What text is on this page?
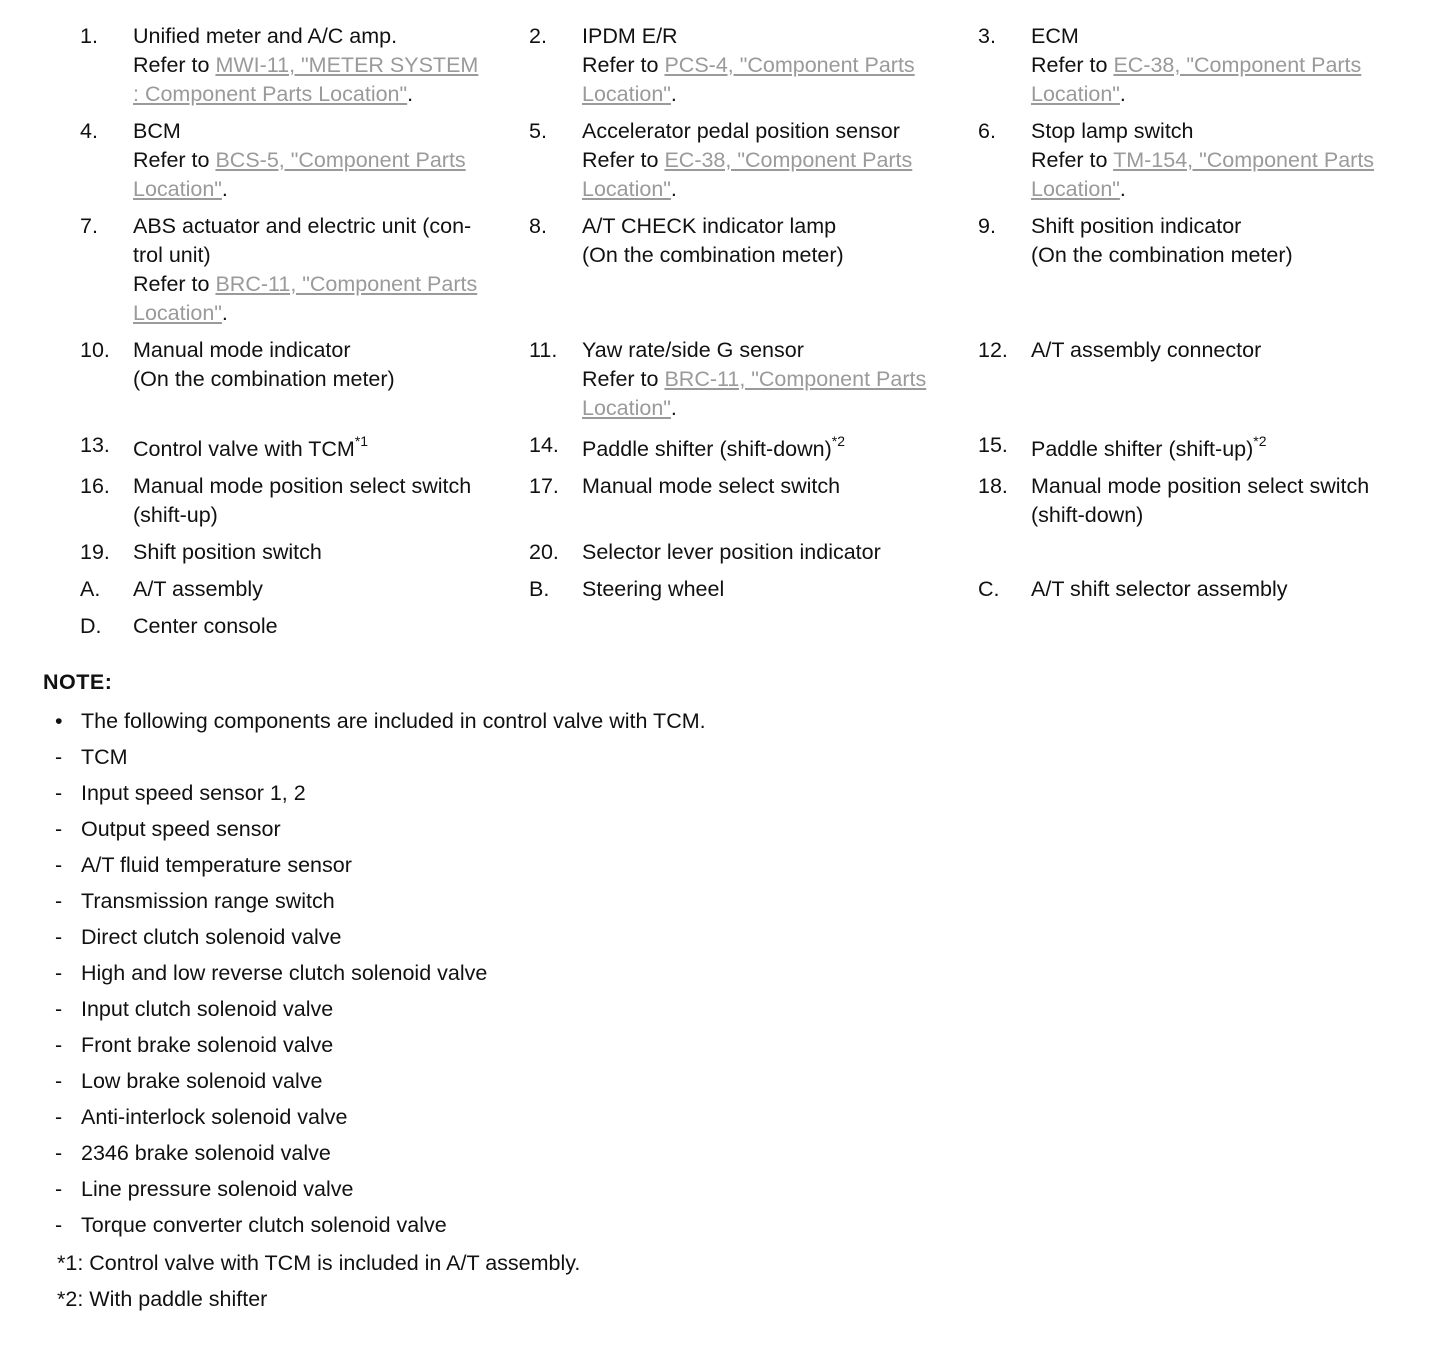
1.	Unified meter and A/C amp.
Refer to MWI-11, "METER SYSTEM
: Component Parts Location".
2.	IPDM E/R
Refer to PCS-4, "Component Parts
Location".
3.	ECM
Refer to EC-38, "Component Parts
Location".
4.	BCM
Refer to BCS-5, "Component Parts
Location".
5.	Accelerator pedal position sensor
Refer to EC-38, "Component Parts
Location".
6.	Stop lamp switch
Refer to TM-154, "Component Parts
Location".
7.	ABS actuator and electric unit (con-
trol unit)
Refer to BRC-11, "Component Parts
Location".
8.	A/T CHECK indicator lamp
(On the combination meter)
9.	Shift position indicator
(On the combination meter)
10.	Manual mode indicator
(On the combination meter)
11.	Yaw rate/side G sensor
Refer to BRC-11, "Component Parts
Location".
12.	A/T assembly connector
13.	Control valve with TCM$^{*1}$	14.	Paddle shifter (shift-down)$^{*2}$	15.	Paddle shifter (shift-up)$^{*2}$
16.	Manual mode position select switch
(shift-up)
17.	Manual mode select switch	18.	Manual mode position select switch
(shift-down)
19.	Shift position switch	20.	Selector lever position indicator
A.	A/T assembly	B.	Steering wheel	C.	A/T shift selector assembly
D.	Center console
NOTE:
• The following components are included in control valve with TCM.
- TCM
- Input speed sensor 1, 2
- Output speed sensor
- A/T fluid temperature sensor
- Transmission range switch
- Direct clutch solenoid valve
- High and low reverse clutch solenoid valve
- Input clutch solenoid valve
- Front brake solenoid valve
- Low brake solenoid valve
- Anti-interlock solenoid valve
- 2346 brake solenoid valve
- Line pressure solenoid valve
- Torque converter clutch solenoid valve
*1: Control valve with TCM is included in A/T assembly.
*2: With paddle shifter
